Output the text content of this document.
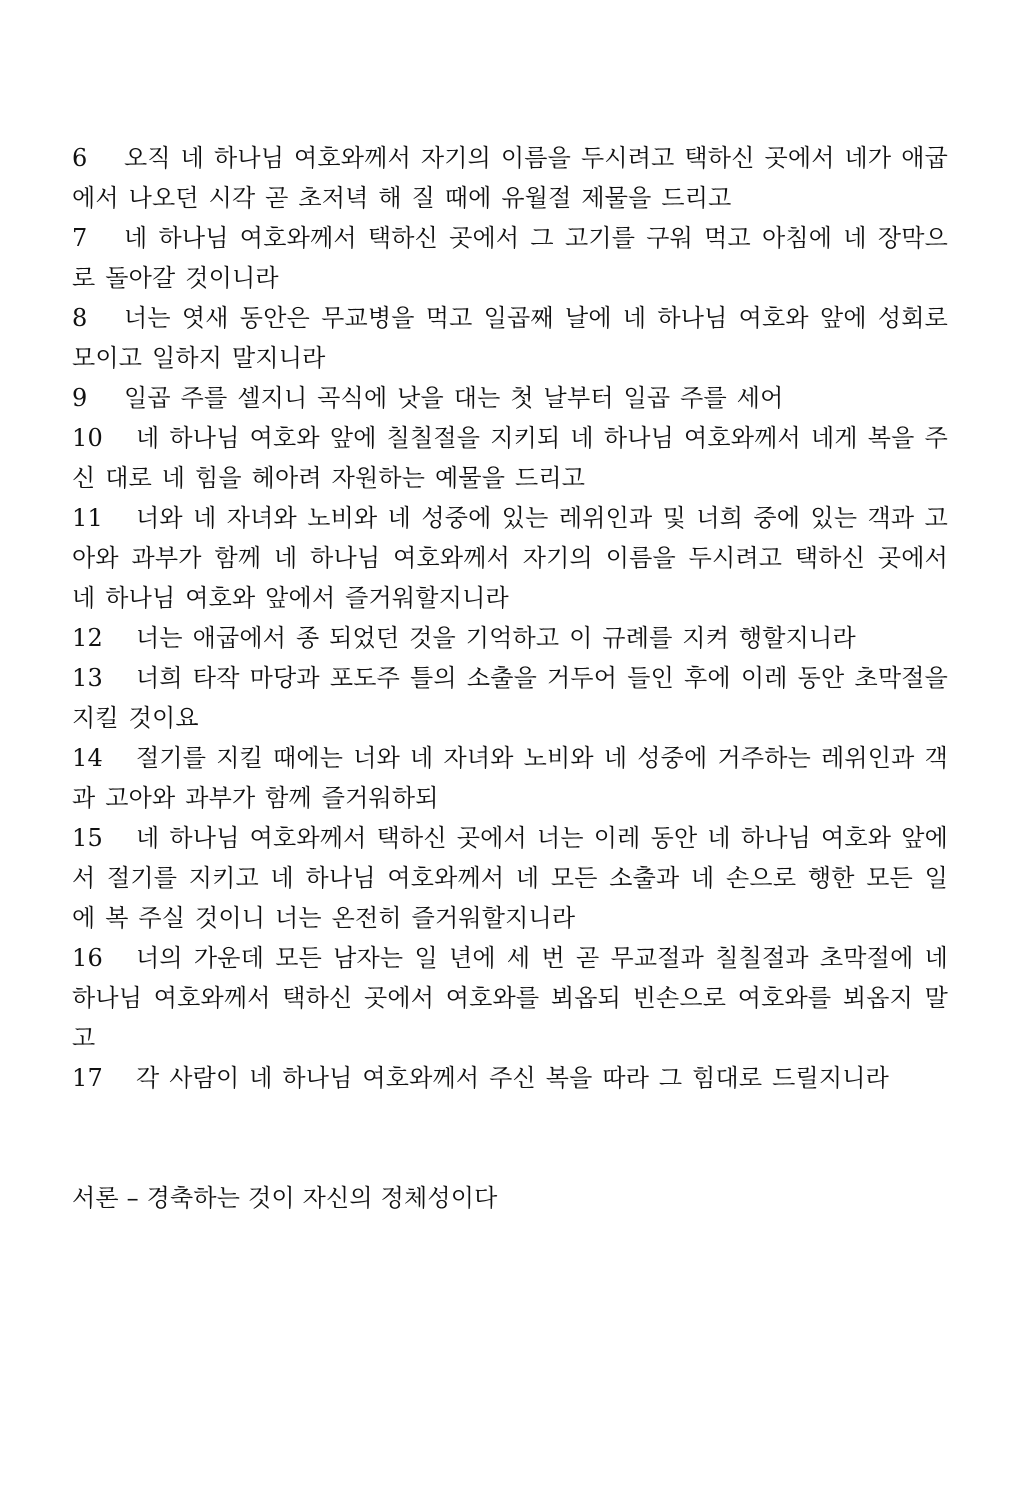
6 오직 네 하나님 여호와께서 자기의 이름을 두시려고 택하신 곳에서 네가 애굽에서 나오던 시각 곧 초저녁 해 질 때에 유월절 제물을 드리고

7 네 하나님 여호와께서 택하신 곳에서 그 고기를 구워 먹고 아침에 네 장막으로 돌아갈 것이니라

8 너는 엿새 동안은 무교병을 먹고 일곱째 날에 네 하나님 여호와 앞에 성회로 모이고 일하지 말지니라

9 일곱 주를 셀지니 곡식에 낫을 대는 첫 날부터 일곱 주를 세어

10 네 하나님 여호와 앞에 칠칠절을 지키되 네 하나님 여호와께서 네게 복을 주신 대로 네 힘을 헤아려 자원하는 예물을 드리고

11 너와 네 자녀와 노비와 네 성중에 있는 레위인과 및 너희 중에 있는 객과 고아와 과부가 함께 네 하나님 여호와께서 자기의 이름을 두시려고 택하신 곳에서 네 하나님 여호와 앞에서 즐거워할지니라

12 너는 애굽에서 종 되었던 것을 기억하고 이 규례를 지켜 행할지니라

13 너희 타작 마당과 포도주 틀의 소출을 거두어 들인 후에 이레 동안 초막절을 지킬 것이요

14 절기를 지킬 때에는 너와 네 자녀와 노비와 네 성중에 거주하는 레위인과 객과 고아와 과부가 함께 즐거워하되

15 네 하나님 여호와께서 택하신 곳에서 너는 이레 동안 네 하나님 여호와 앞에서 절기를 지키고 네 하나님 여호와께서 네 모든 소출과 네 손으로 행한 모든 일에 복 주실 것이니 너는 온전히 즐거워할지니라

16 너의 가운데 모든 남자는 일 년에 세 번 곧 무교절과 칠칠절과 초막절에 네 하나님 여호와께서 택하신 곳에서 여호와를 뵈옵되 빈손으로 여호와를 뵈옵지 말고

17 각 사람이 네 하나님 여호와께서 주신 복을 따라 그 힘대로 드릴지니라

서론 – 경축하는 것이 자신의 정체성이다
